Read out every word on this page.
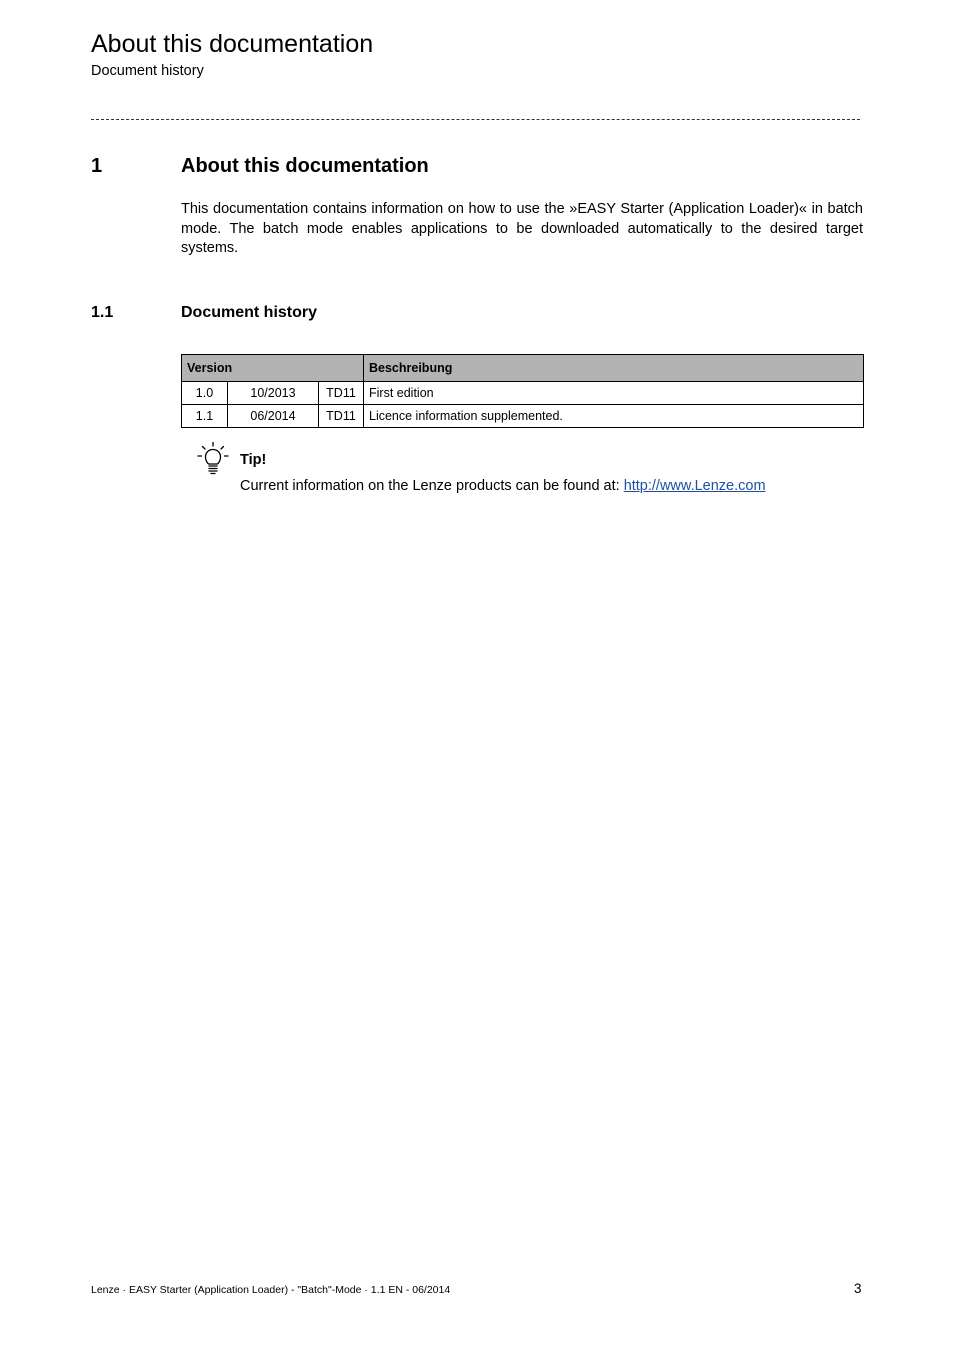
About this documentation
Document history
1	About this documentation
This documentation contains information on how to use the »EASY Starter (Application Loader)« in batch mode. The batch mode enables applications to be downloaded automatically to the desired target systems.
1.1	Document history
Version			Beschreibung
1.0	10/2013	TD11	First edition
1.1	06/2014	TD11	Licence information supplemented.
Tip!
Current information on the Lenze products can be found at: http://www.Lenze.com
Lenze · EASY Starter (Application Loader) - "Batch"-Mode · 1.1 EN - 06/2014	3
